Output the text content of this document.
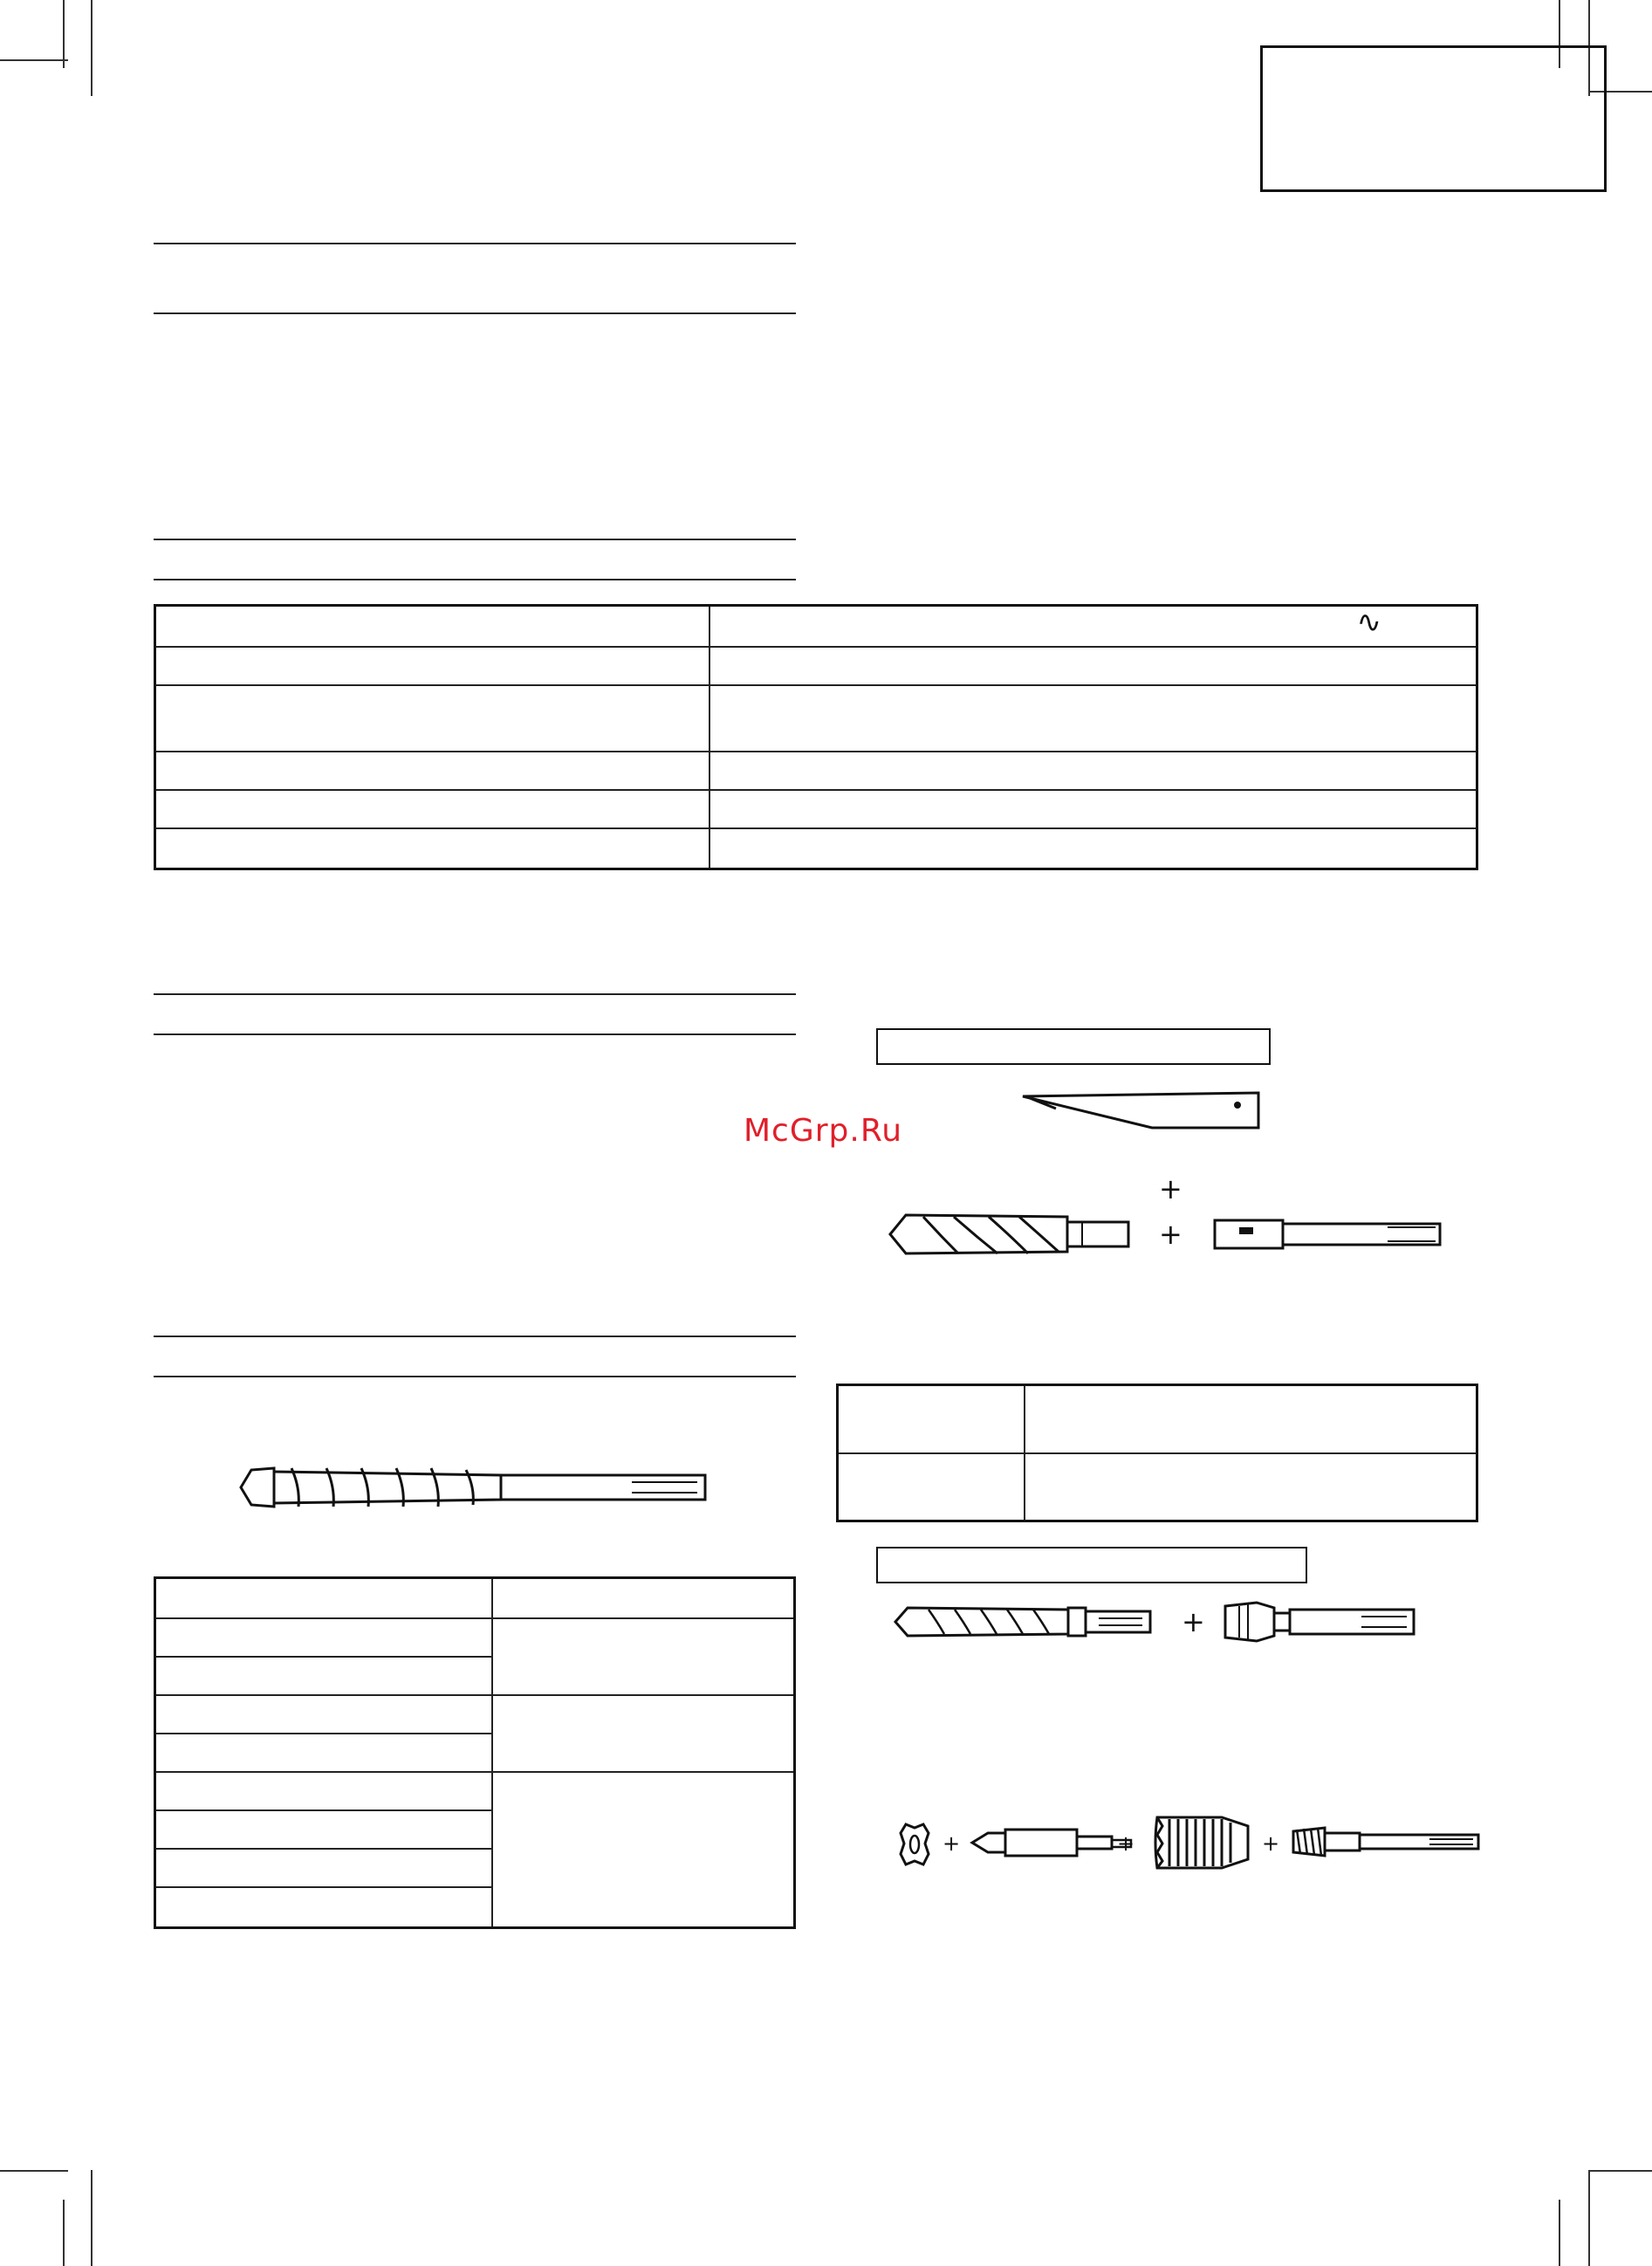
	∿

McGrp.Ru
+
+

+
+	+	+
